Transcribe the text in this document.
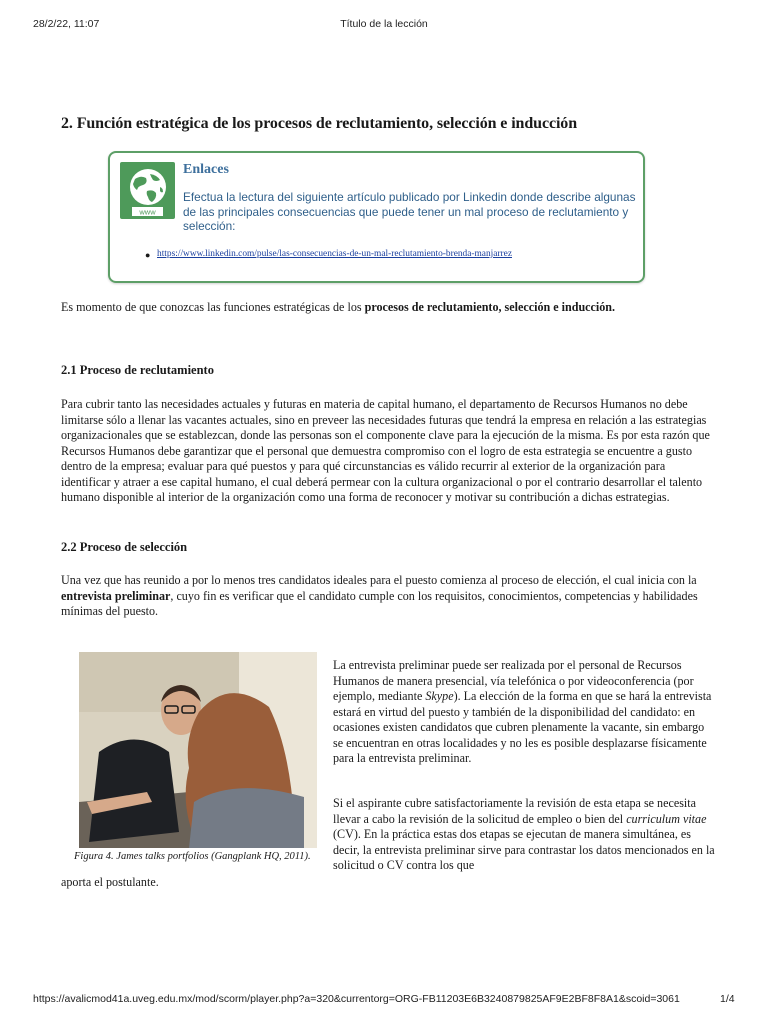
28/2/22, 11:07	Título de la lección
2. Función estratégica de los procesos de reclutamiento, selección e inducción
www
Enlaces
Efectua la lectura del siguiente artículo publicado por Linkedin donde describe algunas de las principales consecuencias que puede tener un mal proceso de reclutamiento y selección:
● https://www.linkedin.com/pulse/las-consecuencias-de-un-mal-reclutamiento-brenda-manjarrez

Es momento de que conozcas las funciones estratégicas de los procesos de reclutamiento, selección e inducción.

2.1 Proceso de reclutamiento

Para cubrir tanto las necesidades actuales y futuras en materia de capital humano, el departamento de Recursos Humanos no debe limitarse sólo a llenar las vacantes actuales, sino en preveer las necesidades futuras que tendrá la empresa en relación a las estrategias organizacionales que se establezcan, donde las personas son el componente clave para la ejecución de la misma. Es por esta razón que Recursos Humanos debe garantizar que el personal que demuestra compromiso con el logro de esta estrategia se encuentre a gusto dentro de la empresa; evaluar para qué puestos y para qué circunstancias es válido recurrir al exterior de la organización para identificar y atraer a ese capital humano, el cual deberá permear con la cultura organizacional o por el contrario desarrollar el talento humano disponible al interior de la organización como una forma de reconocer y motivar su contribución a dichas estrategias.

2.2 Proceso de selección

Una vez que has reunido a por lo menos tres candidatos ideales para el puesto comienza al proceso de elección, el cual inicia con la entrevista preliminar, cuyo fin es verificar que el candidato cumple con los requisitos, conocimientos, competencias y habilidades mínimas del puesto.

Figura 4. James talks portfolios (Gangplank HQ, 2011).

La entrevista preliminar puede ser realizada por el personal de Recursos Humanos de manera presencial, vía telefónica o por videoconferencia (por ejemplo, mediante Skype). La elección de la forma en que se hará la entrevista estará en virtud del puesto y también de la disponibilidad del candidato: en ocasiones existen candidatos que cubren plenamente la vacante, sin embargo se encuentran en otras localidades y no les es posible desplazarse físicamente para la entrevista preliminar.

Si el aspirante cubre satisfactoriamente la revisión de esta etapa se necesita llevar a cabo la revisión de la solicitud de empleo o bien del curriculum vitae (CV). En la práctica estas dos etapas se ejecutan de manera simultánea, es decir, la entrevista preliminar sirve para contrastar los datos mencionados en la solicitud o CV contra los que

aporta el postulante.

https://avalicmod41a.uveg.edu.mx/mod/scorm/player.php?a=320&currentorg=ORG-FB11203E6B3240879825AF9E2BF8F8A1&scoid=3061	1/4
